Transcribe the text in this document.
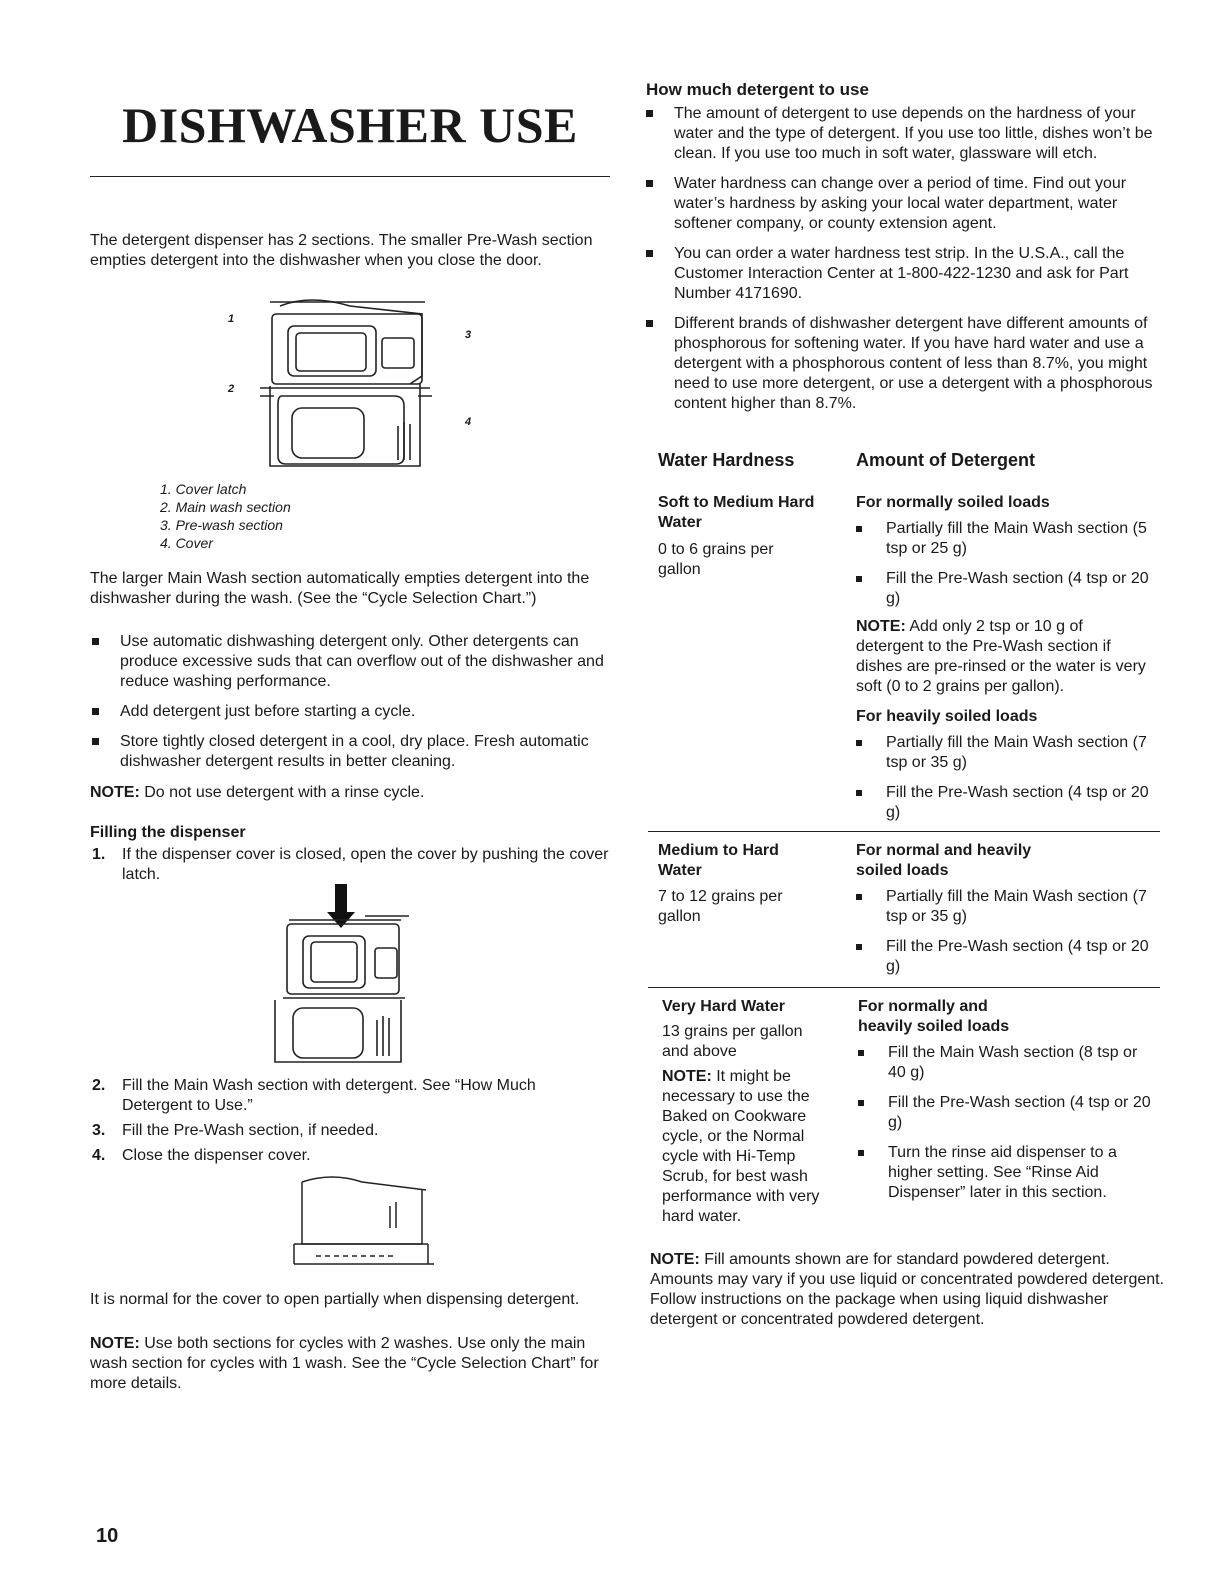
DISHWASHER USE
The detergent dispenser has 2 sections. The smaller Pre-Wash section empties detergent into the dishwasher when you close the door.
1
2
3
4
1. Cover latch
2. Main wash section
3. Pre-wash section
4. Cover
The larger Main Wash section automatically empties detergent into the dishwasher during the wash. (See the “Cycle Selection Chart.”)
Use automatic dishwashing detergent only. Other detergents can produce excessive suds that can overflow out of the dishwasher and reduce washing performance.
Add detergent just before starting a cycle.
Store tightly closed detergent in a cool, dry place. Fresh automatic dishwasher detergent results in better cleaning.
NOTE: Do not use detergent with a rinse cycle.
Filling the dispenser
1. If the dispenser cover is closed, open the cover by pushing the cover latch.
2. Fill the Main Wash section with detergent. See “How Much Detergent to Use.”
3. Fill the Pre-Wash section, if needed.
4. Close the dispenser cover.
It is normal for the cover to open partially when dispensing detergent.
NOTE: Use both sections for cycles with 2 washes. Use only the main wash section for cycles with 1 wash. See the “Cycle Selection Chart” for more details.
10
How much detergent to use
The amount of detergent to use depends on the hardness of your water and the type of detergent. If you use too little, dishes won’t be clean. If you use too much in soft water, glassware will etch.
Water hardness can change over a period of time. Find out your water’s hardness by asking your local water department, water softener company, or county extension agent.
You can order a water hardness test strip. In the U.S.A., call the Customer Interaction Center at 1-800-422-1230 and ask for Part Number 4171690.
Different brands of dishwasher detergent have different amounts of phosphorous for softening water. If you have hard water and use a detergent with a phosphorous content of less than 8.7%, you might need to use more detergent, or use a detergent with a phosphorous content higher than 8.7%.
Water Hardness	Amount of Detergent
Soft to Medium Hard Water
0 to 6 grains per gallon
For normally soiled loads
Partially fill the Main Wash section (5 tsp or 25 g)
Fill the Pre-Wash section (4 tsp or 20 g)
NOTE: Add only 2 tsp or 10 g of detergent to the Pre-Wash section if dishes are pre-rinsed or the water is very soft (0 to 2 grains per gallon).
For heavily soiled loads
Partially fill the Main Wash section (7 tsp or 35 g)
Fill the Pre-Wash section (4 tsp or 20 g)
Medium to Hard Water
7 to 12 grains per gallon
For normal and heavily soiled loads
Partially fill the Main Wash section (7 tsp or 35 g)
Fill the Pre-Wash section (4 tsp or 20 g)
Very Hard Water
13 grains per gallon and above
NOTE: It might be necessary to use the Baked on Cookware cycle, or the Normal cycle with Hi-Temp Scrub, for best wash performance with very hard water.
For normally and heavily soiled loads
Fill the Main Wash section (8 tsp or 40 g)
Fill the Pre-Wash section (4 tsp or 20 g)
Turn the rinse aid dispenser to a higher setting. See “Rinse Aid Dispenser” later in this section.
NOTE: Fill amounts shown are for standard powdered detergent. Amounts may vary if you use liquid or concentrated powdered detergent. Follow instructions on the package when using liquid dishwasher detergent or concentrated powdered detergent.
